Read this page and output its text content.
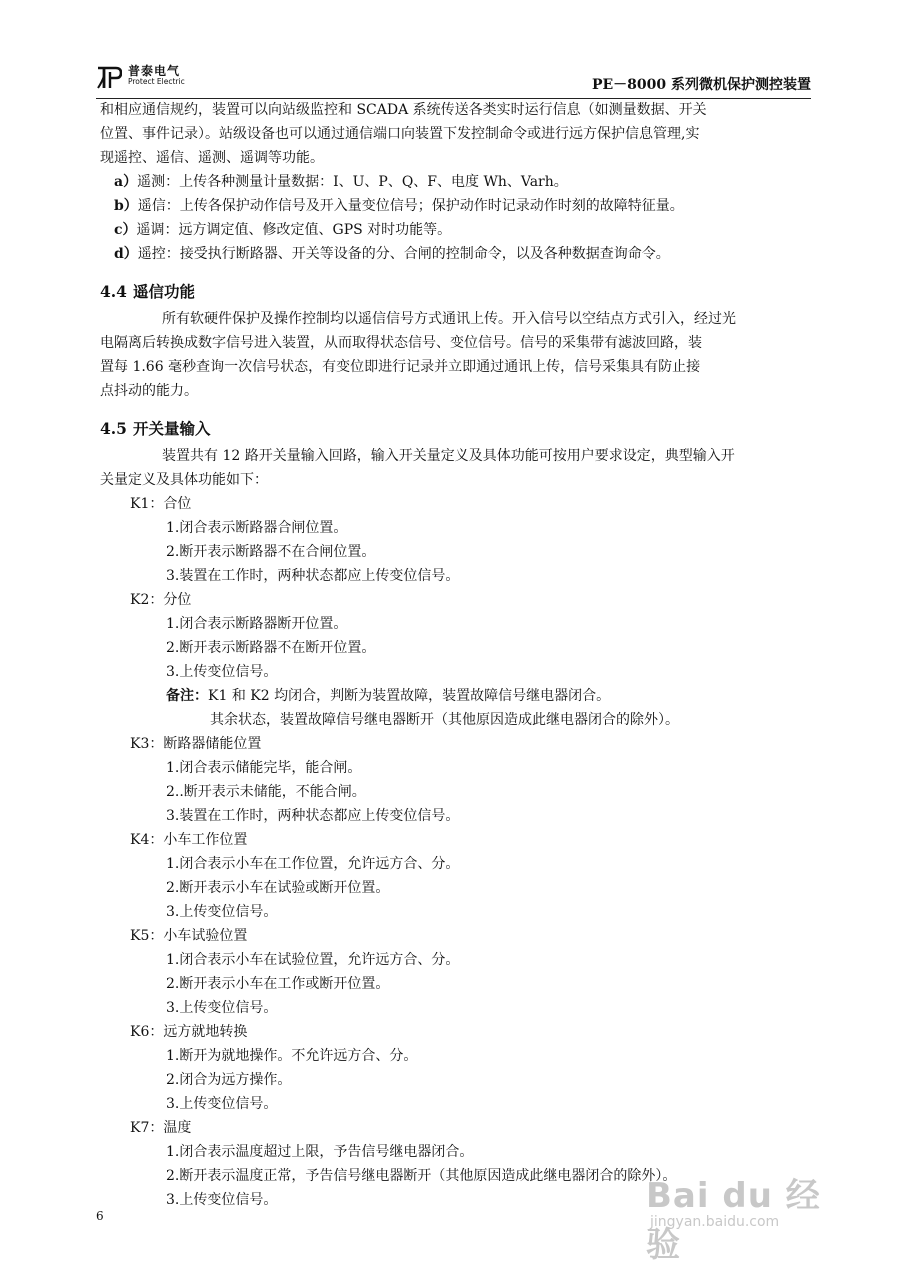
普泰电气
Protect Electric	PE－8000 系列微机保护测控装置

和相应通信规约，装置可以向站级监控和 SCADA 系统传送各类实时运行信息（如测量数据、开关

位置、事件记录）。站级设备也可以通过通信端口向装置下发控制命令或进行远方保护信息管理,实

现遥控、遥信、遥测、遥调等功能。

a）遥测：上传各种测量计量数据：I、U、P、Q、F、电度 Wh、Varh。

b）遥信：上传各保护动作信号及开入量变位信号；保护动作时记录动作时刻的故障特征量。

c）遥调：远方调定值、修改定值、GPS 对时功能等。

d）遥控：接受执行断路器、开关等设备的分、合闸的控制命令，以及各种数据查询命令。

4.4 遥信功能

所有软硬件保护及操作控制均以遥信信号方式通讯上传。开入信号以空结点方式引入，经过光

电隔离后转换成数字信号进入装置，从而取得状态信号、变位信号。信号的采集带有滤波回路，装

置每 1.66 毫秒查询一次信号状态，有变位即进行记录并立即通过通讯上传，信号采集具有防止接

点抖动的能力。

4.5 开关量输入

装置共有 12 路开关量输入回路，输入开关量定义及具体功能可按用户要求设定，典型输入开

关量定义及具体功能如下：

K1：合位

1.闭合表示断路器合闸位置。

2.断开表示断路器不在合闸位置。

3.装置在工作时，两种状态都应上传变位信号。

K2：分位

1.闭合表示断路器断开位置。

2.断开表示断路器不在断开位置。

3.上传变位信号。

备注：K1 和 K2 均闭合，判断为装置故障，装置故障信号继电器闭合。

其余状态，装置故障信号继电器断开（其他原因造成此继电器闭合的除外）。

K3：断路器储能位置

1.闭合表示储能完毕，能合闸。

2..断开表示未储能，不能合闸。

3.装置在工作时，两种状态都应上传变位信号。

K4：小车工作位置

1.闭合表示小车在工作位置，允许远方合、分。

2.断开表示小车在试验或断开位置。

3.上传变位信号。

K5：小车试验位置

1.闭合表示小车在试验位置，允许远方合、分。

2.断开表示小车在工作或断开位置。

3.上传变位信号。

K6：远方就地转换

1.断开为就地操作。不允许远方合、分。

2.闭合为远方操作。

3.上传变位信号。

K7：温度

1.闭合表示温度超过上限，予告信号继电器闭合。

2.断开表示温度正常，予告信号继电器断开（其他原因造成此继电器闭合的除外）。

3.上传变位信号。

6	Bai du 经验
jingyan.baidu.com
